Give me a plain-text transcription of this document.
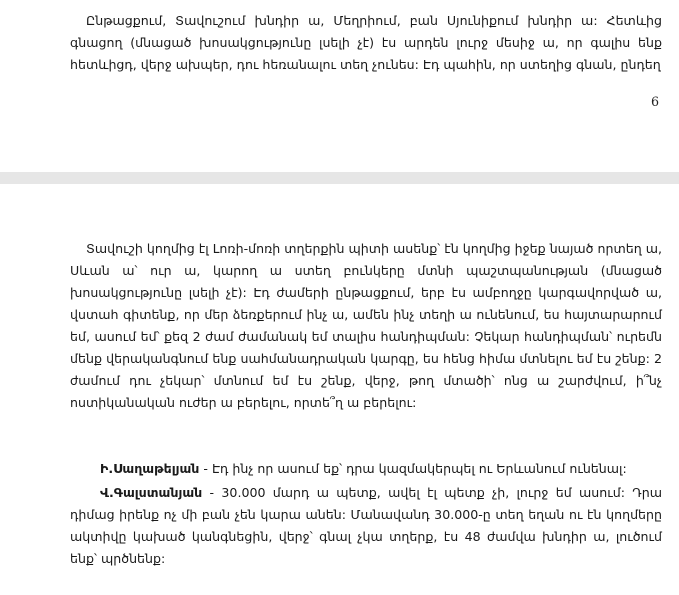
Ընթացքում, Տավուշում խնդիր ա, Մեղրիում, բան Սյունիքում խնդիր ա: Հետևից գնացող (մնացած խոսակցությունը լսելի չէ) էս արդեն լուրջ մեսիջ ա, որ գալիս ենք հետևիցդ, վերջ ախպեր, դու հեռանալու տեղ չունես: Էդ պահին, որ ստեղից գնան, ընդեղ

6

Տավուշի կողմից էլ Լոռի-մոռի տղերքին պիտի ասենք՝ էն կողմից իջեք նայած որտեղ ա, Սևան ա՝ ուր ա, կարող ա ստեղ բունկերը մտնի պաշտպանության (մնացած խոսակցությունը լսելի չէ): Էդ ժամերի ընթացքում, երբ էս ամբողջը կարգավորված ա, վստահ գիտենք, որ մեր ձեռքերում ինչ ա, ամեն ինչ տեղի ա ունենում, ես հայտարարում եմ, ասում եմ՝ քեզ 2 ժամ ժամանակ եմ տալիս հանդիպման: Չեկար հանդիպման՝ ուրեմն մենք վերականգնում ենք սահմանադրական կարգը, ես հենց հիմա մտնելու եմ էս շենք: 2 ժամում դու չեկար՝ մտնում եմ էս շենք, վերջ, թող մտածի՝ ոնց ա շարժվում, ի՞նչ ոստիկանական ուժեր ա բերելու, որտե՞ղ ա բերելու:

Ի.Սաղաթելյան - Էդ ինչ որ ասում եք՝ դրա կազմակերպել ու Երևանում ունենալ:

Վ.Գալստանյան - 30.000 մարդ ա պետք, ավել էլ պետք չի, լուրջ եմ ասում: Դրա դիմաց իրենք ոչ մի բան չեն կարա անեն: Մանավանդ 30.000-ը տեղ եղան ու էն կողմերը ակտիվը կախած կանգնեցին, վերջ՝ գնալ չկա տղերք, էս 48 ժամվա խնդիր ա, լուծում ենք՝ պրծնենք:
